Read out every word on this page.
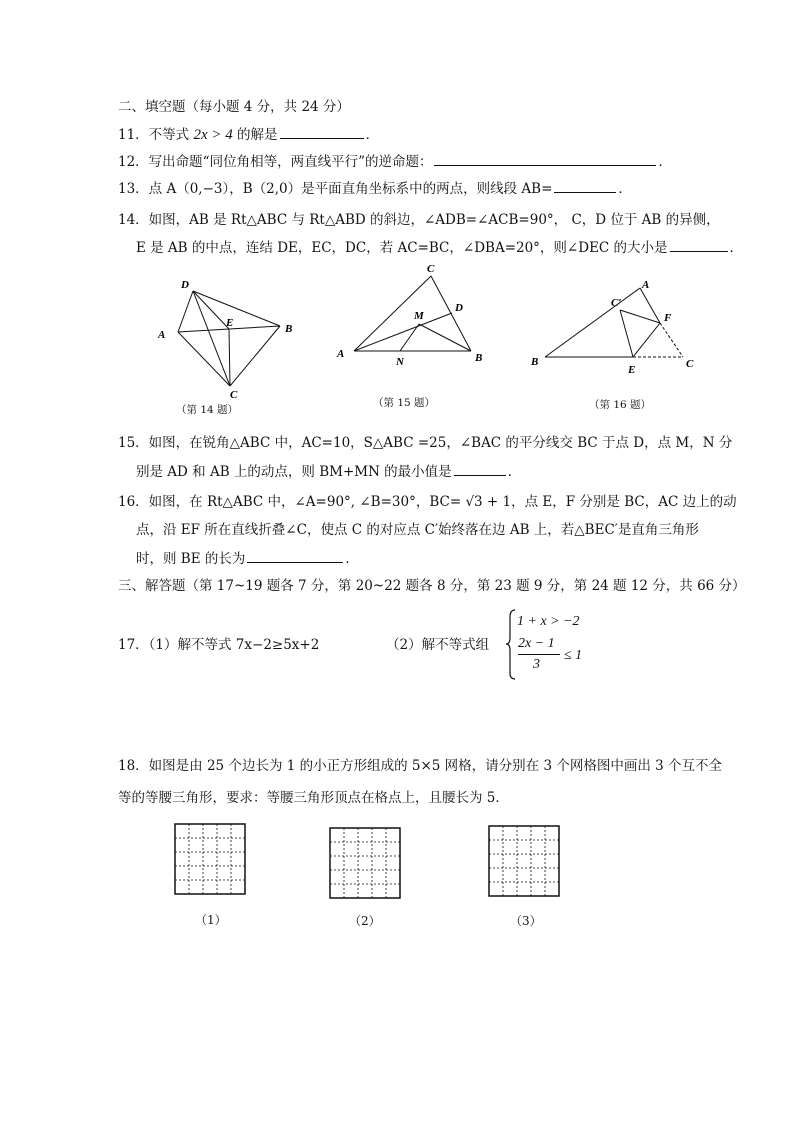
二、填空题（每小题 4 分，共 24 分）
11．不等式 2x > 4 的解是	．
12．写出命题“同位角相等，两直线平行”的逆命题：	．
13．点 A（0,−3），B（2,0）是平面直角坐标系中的两点，则线段 AB=	．
14．如图，AB 是 Rt△ABC 与 Rt△ABD 的斜边，∠ADB=∠ACB=90°， C，D 位于 AB 的异侧，
E 是 AB 的中点，连结 DE，EC，DC，若 AC=BC，∠DBA=20°，则∠DEC 的大小是	．
D
A
E	B
C
（第 14 题）
C
D
M
A
N	B
（第 15 题）
A
C′
F
B
E	C
（第 16 题）
15．如图，在锐角△ABC 中，AC=10，S△ABC =25，∠BAC 的平分线交 BC 于点 D，点 M，N 分
别是 AD 和 AB 上的动点，则 BM+MN 的最小值是	．
16．如图，在 Rt△ABC 中，∠A=90°, ∠B=30°，BC= √3 + 1，点 E，F 分别是 BC，AC 边上的动
点，沿 EF 所在直线折叠∠C，使点 C 的对应点 C′始终落在边 AB 上，若△BEC′是直角三角形
时，则 BE 的长为	．
三、解答题（第 17~19 题各 7 分，第 20~22 题各 8 分，第 23 题 9 分，第 24 题 12 分，共 66 分）
17．（1）解不等式 7x−2≥5x+2	（2）解不等式组
1 + x > −2
2x − 1
3
≤ 1
18．如图是由 25 个边长为 1 的小正方形组成的 5×5 网格，请分别在 3 个网格图中画出 3 个互不全
等的等腰三角形，要求：等腰三角形顶点在格点上，且腰长为 5．
（1）	（2）	（3）
